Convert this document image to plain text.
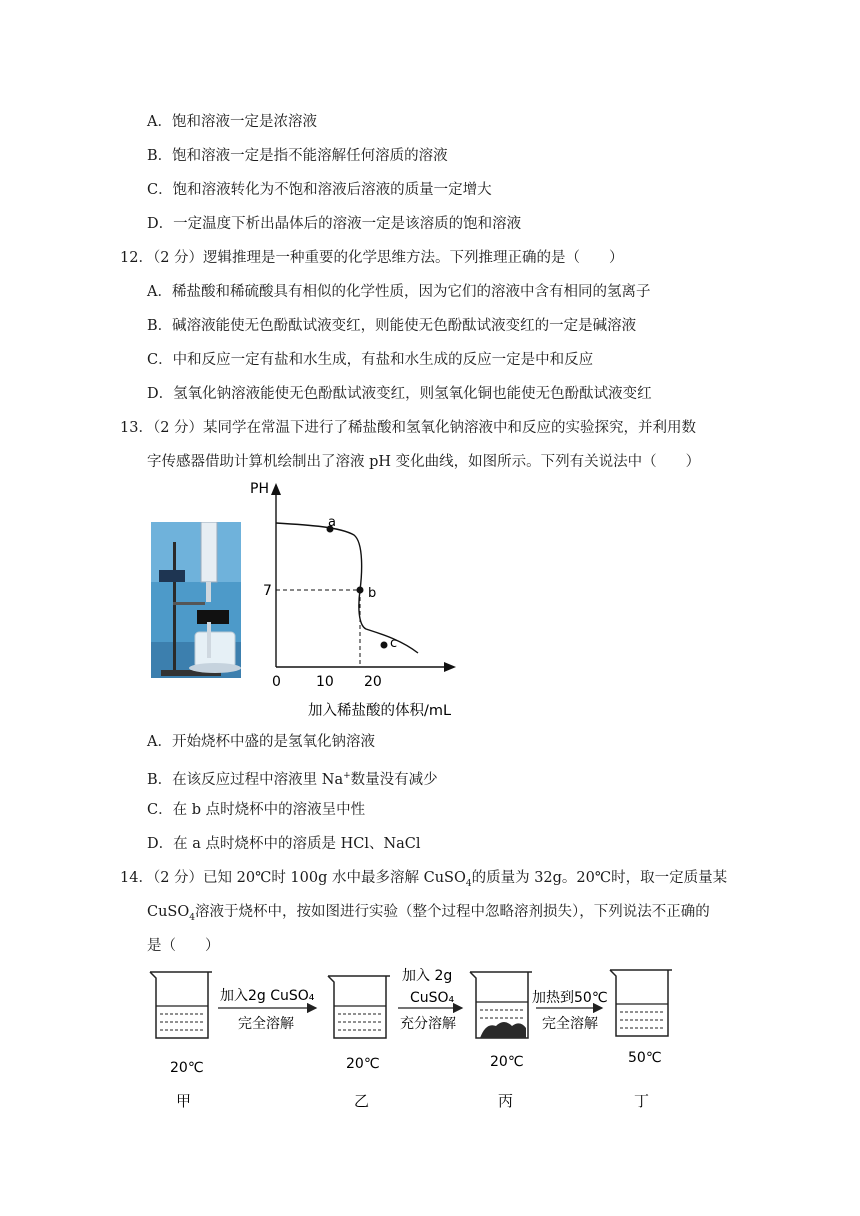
A．饱和溶液一定是浓溶液
B．饱和溶液一定是指不能溶解任何溶质的溶液
C．饱和溶液转化为不饱和溶液后溶液的质量一定增大
D．一定温度下析出晶体后的溶液一定是该溶质的饱和溶液
12．（2 分）逻辑推理是一种重要的化学思维方法。下列推理正确的是（　　）
A．稀盐酸和稀硫酸具有相似的化学性质，因为它们的溶液中含有相同的氢离子
B．碱溶液能使无色酚酞试液变红，则能使无色酚酞试液变红的一定是碱溶液
C．中和反应一定有盐和水生成，有盐和水生成的反应一定是中和反应
D．氢氧化钠溶液能使无色酚酞试液变红，则氢氧化铜也能使无色酚酞试液变红
13．（2 分）某同学在常温下进行了稀盐酸和氢氧化钠溶液中和反应的实验探究，并利用数
字传感器借助计算机绘制出了溶液 pH 变化曲线，如图所示。下列有关说法中（　　）
PH
7
0	10 20
加入稀盐酸的体积/mL
a
b
c
A．开始烧杯中盛的是氢氧化钠溶液
B．在该反应过程中溶液里 Na+数量没有减少
C．在 b 点时烧杯中的溶液呈中性
D．在 a 点时烧杯中的溶质是 HCl、NaCl
14．（2 分）已知 20℃时 100g 水中最多溶解 CuSO$_4$的质量为 32g。20℃时，取一定质量某
CuSO$_4$溶液于烧杯中，按如图进行实验（整个过程中忽略溶剂损失），下列说法不正确的
是（　　）
加入2g CuSO₄
完全溶解
加入 2g
CuSO₄
充分溶解
加热到50℃
完全溶解
20℃	20℃	20℃	50℃
甲	乙	丙	丁
